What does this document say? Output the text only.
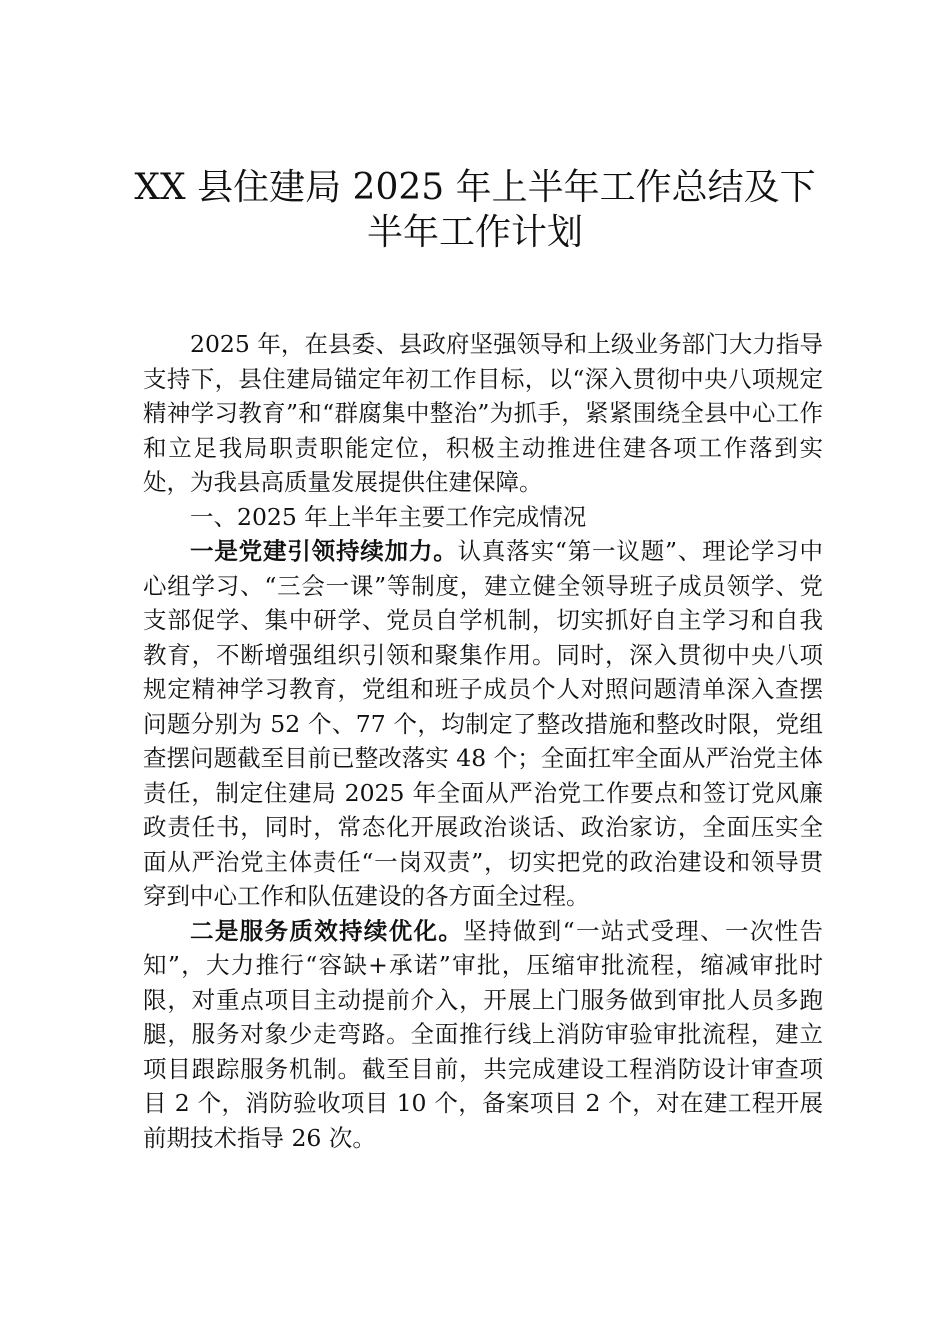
XX 县住建局 2025 年上半年工作总结及下
半年工作计划

2025 年，在县委、县政府坚强领导和上级业务部门大力指导支持下，县住建局锚定年初工作目标，以“深入贯彻中央八项规定精神学习教育”和“群腐集中整治”为抓手，紧紧围绕全县中心工作和立足我局职责职能定位，积极主动推进住建各项工作落到实处，为我县高质量发展提供住建保障。

一、2025 年上半年主要工作完成情况

一是党建引领持续加力。认真落实“第一议题”、理论学习中心组学习、“三会一课”等制度，建立健全领导班子成员领学、党支部促学、集中研学、党员自学机制，切实抓好自主学习和自我教育，不断增强组织引领和聚集作用。同时，深入贯彻中央八项规定精神学习教育，党组和班子成员个人对照问题清单深入查摆问题分别为 52 个、77 个，均制定了整改措施和整改时限，党组查摆问题截至目前已整改落实 48 个；全面扛牢全面从严治党主体责任，制定住建局 2025 年全面从严治党工作要点和签订党风廉政责任书，同时，常态化开展政治谈话、政治家访，全面压实全面从严治党主体责任“一岗双责”，切实把党的政治建设和领导贯穿到中心工作和队伍建设的各方面全过程。

二是服务质效持续优化。坚持做到“一站式受理、一次性告知”，大力推行“容缺+承诺”审批，压缩审批流程，缩减审批时限，对重点项目主动提前介入，开展上门服务做到审批人员多跑腿，服务对象少走弯路。全面推行线上消防审验审批流程，建立项目跟踪服务机制。截至目前，共完成建设工程消防设计审查项目 2 个，消防验收项目 10 个，备案项目 2 个，对在建工程开展前期技术指导 26 次。
